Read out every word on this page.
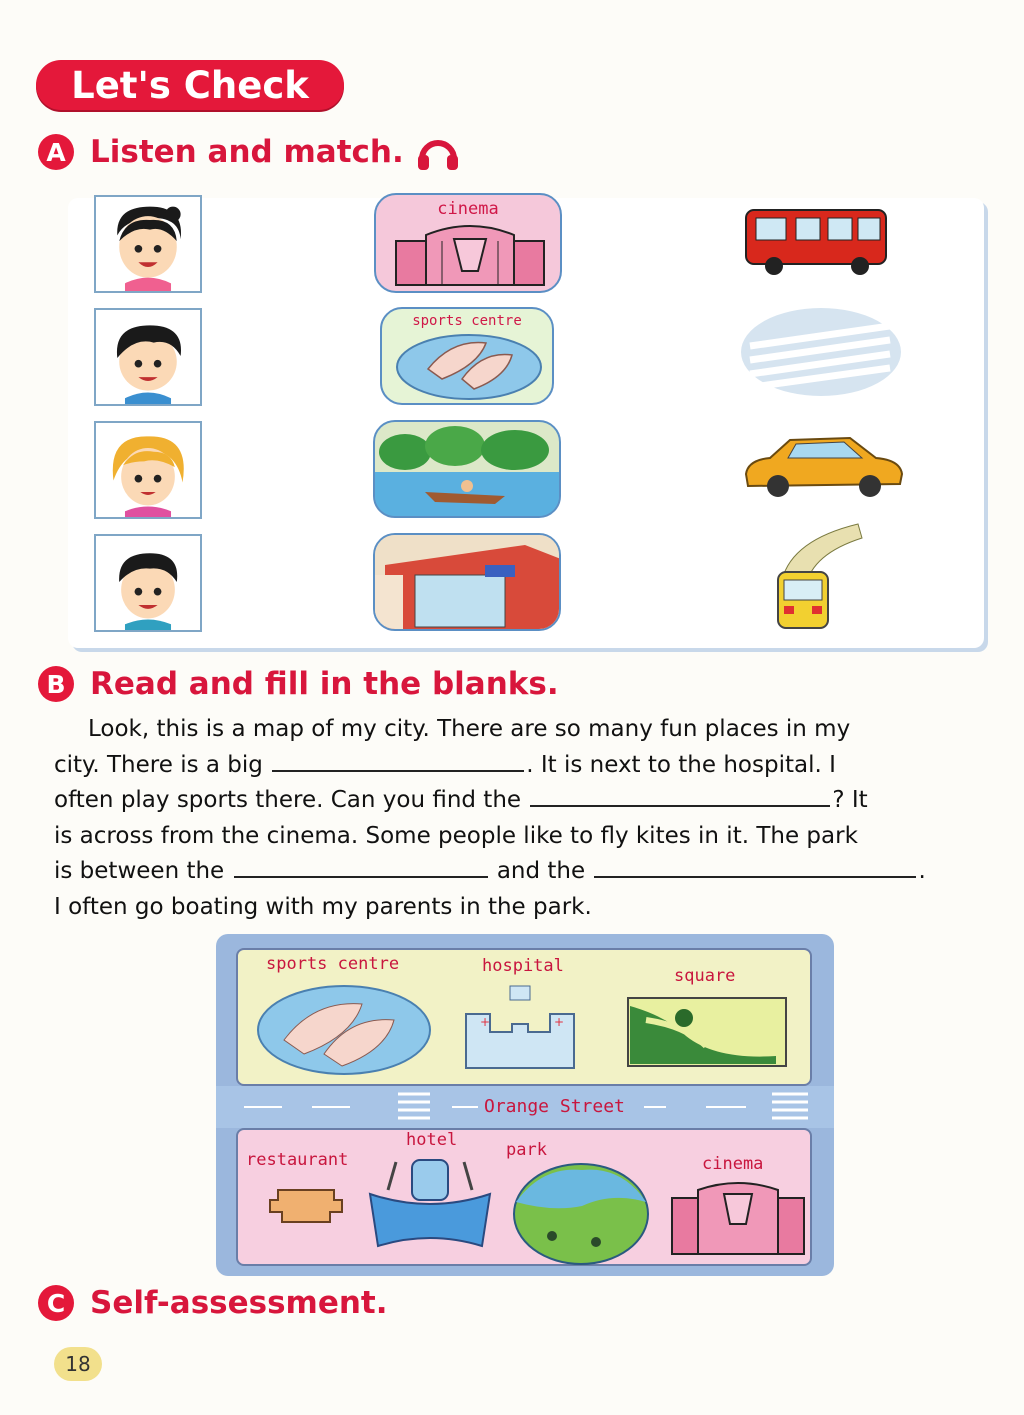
Let's Check
A Listen and match.
cinema
sports centre
B Read and fill in the blanks.
Look, this is a map of my city. There are so many fun places in my
city. There is a big	. It is next to the hospital. I
often play sports there. Can you find the	? It
is across from the cinema. Some people like to fly kites in it. The park
is between the	and the	.
I often go boating with my parents in the park.
Orange Street
sports centre	hospital	square
+	+
restaurant
hotel	park
cinema
C Self-assessment.
18
